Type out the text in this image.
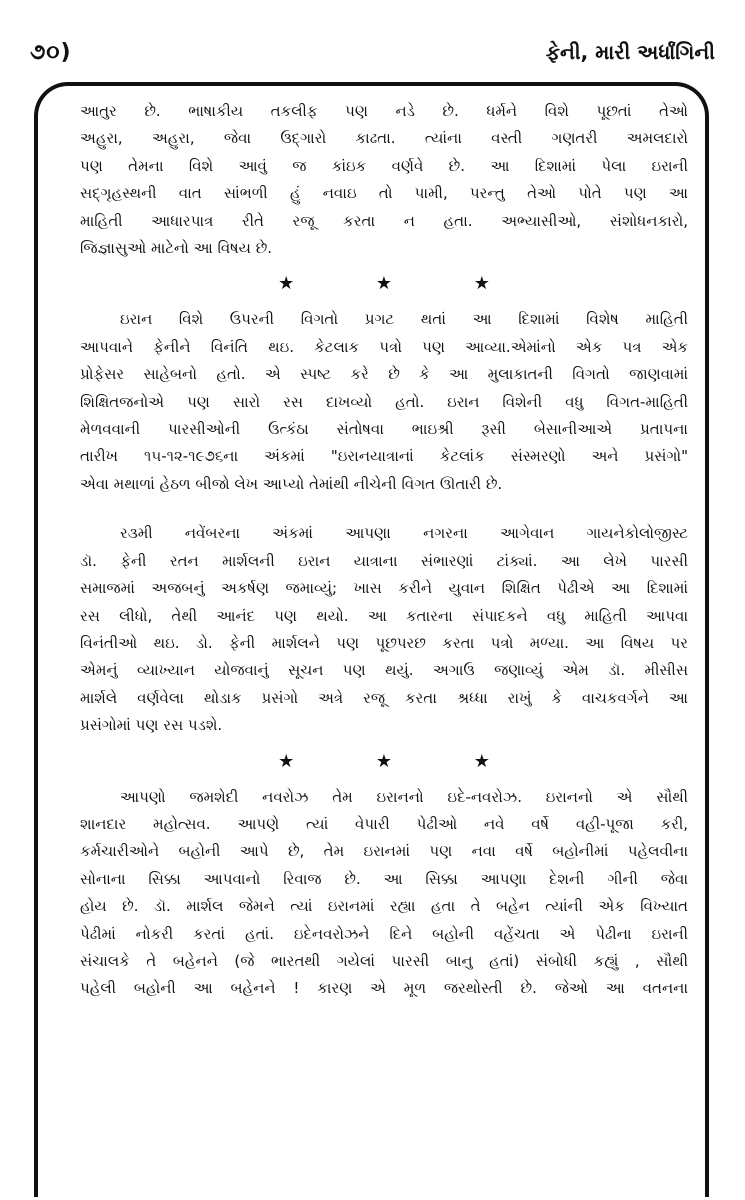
૭૦)	ફેની, મારી અર્ધાંગિની
આતુર છે. ભાષાકીય તકલીફ પણ નડે છે. ધર્મને વિશે પૂછતાં તેઓ
અહુરા, અહુરા, જેવા ઉદ્ગારો કાઢતા. ત્યાંના વસ્તી ગણતરી અમલદારો
પણ તેમના વિશે આવું જ કાંઇક વર્ણવે છે. આ દિશામાં પેલા ઇરાની
સદ્ગૃહસ્થની વાત સાંભળી હું નવાઇ તો પામી, પરન્તુ તેઓ પોતે પણ આ
માહિતી આધારપાત્ર રીતે રજૂ કરતા ન હતા. અભ્યાસીઓ, સંશોધનકારો,
જિજ્ઞાસુઓ માટેનો આ વિષય છે.
★ ★ ★
ઇરાન વિશે ઉપરની વિગતો પ્રગટ થતાં આ દિશામાં વિશેષ માહિતી
આપવાને ફેનીને વિનંતિ થઇ. કેટલાક પત્રો પણ આવ્યા.એમાંનો એક પત્ર એક
પ્રોફેસર સાહેબનો હતો. એ સ્પષ્ટ કરે છે કે આ મુલાકાતની વિગતો જાણવામાં
શિક્ષિતજનોએ પણ સારો રસ દાખવ્યો હતો. ઇરાન વિશેની વધુ વિગત-માહિતી
મેળવવાની પારસીઓની ઉત્કંઠા સંતોષવા ભાઇશ્રી રૂસી બેસાનીઆએ પ્રતાપના
તારીખ ૧૫-૧૨-૧૯૭૬ના અંકમાં "ઇરાનયાત્રાનાં કેટલાંક સંસ્મરણો અને પ્રસંગો"
એવા મથાળાં હેઠળ બીજો લેખ આપ્યો તેમાંથી નીચેની વિગત ઊતારી છે.
ર૩મી નવેંબરના અંકમાં આપણા નગરના આગેવાન ગાયનેકોલોજીસ્ટ
ડૉ. ફેની રતન માર્શલની ઇરાન યાત્રાના સંભારણાં ટાંક્યાં. આ લેખે પારસી
સમાજમાં અજબનું અકર્ષણ જમાવ્યું; ખાસ કરીને યુવાન શિક્ષિત પેઢીએ આ દિશામાં
રસ લીધો, તેથી આનંદ પણ થયો. આ કતારના સંપાદકને વધુ માહિતી આપવા
વિનંતીઓ થઇ. ડો. ફેની માર્શલને પણ પૂછપરછ કરતા પત્રો મળ્યા. આ વિષય પર
એમનું વ્યાખ્યાન યોજવાનું સૂચન પણ થયું. અગાઉ જણાવ્યું એમ ડૉ. મીસીસ
માર્શલે વર્ણવેલા થોડાક પ્રસંગો અત્રે રજૂ કરતા શ્રધ્ધા રાખું કે વાચકવર્ગને આ
પ્રસંગોમાં પણ રસ પડશે.
★ ★ ★
આપણો જમશેદી નવરોઝ તેમ ઇરાનનો ઇદે-નવરોઝ. ઇરાનનો એ સૌથી
શાનદાર મહોત્સવ. આપણે ત્યાં વેપારી પેઢીઓ નવે વર્ષે વહી-પૂજા કરી,
કર્મચારીઓને બહોની આપે છે, તેમ ઇરાનમાં પણ નવા વર્ષે બહોનીમાં પહેલવીના
સોનાના સિક્કા આપવાનો રિવાજ છે. આ સિક્કા આપણા દેશની ગીની જેવા
હોય છે. ડૉ. માર્શલ જેમને ત્યાં ઇરાનમાં રહ્યા હતા તે બહેન ત્યાંની એક વિખ્યાત
પેઢીમાં નોકરી કરતાં હતાં. ઇદેનવરોઝને દિને બહોની વહેંચતા એ પેઢીના ઇરાની
સંચાલકે તે બહેનને (જે ભારતથી ગયેલાં પારસી બાનુ હતાં) સંબોધી કહ્યું , સૌથી
પહેલી બહોની આ બહેનને ! કારણ એ મૂળ જરથોસ્તી છે. જેઓ આ વતનના
